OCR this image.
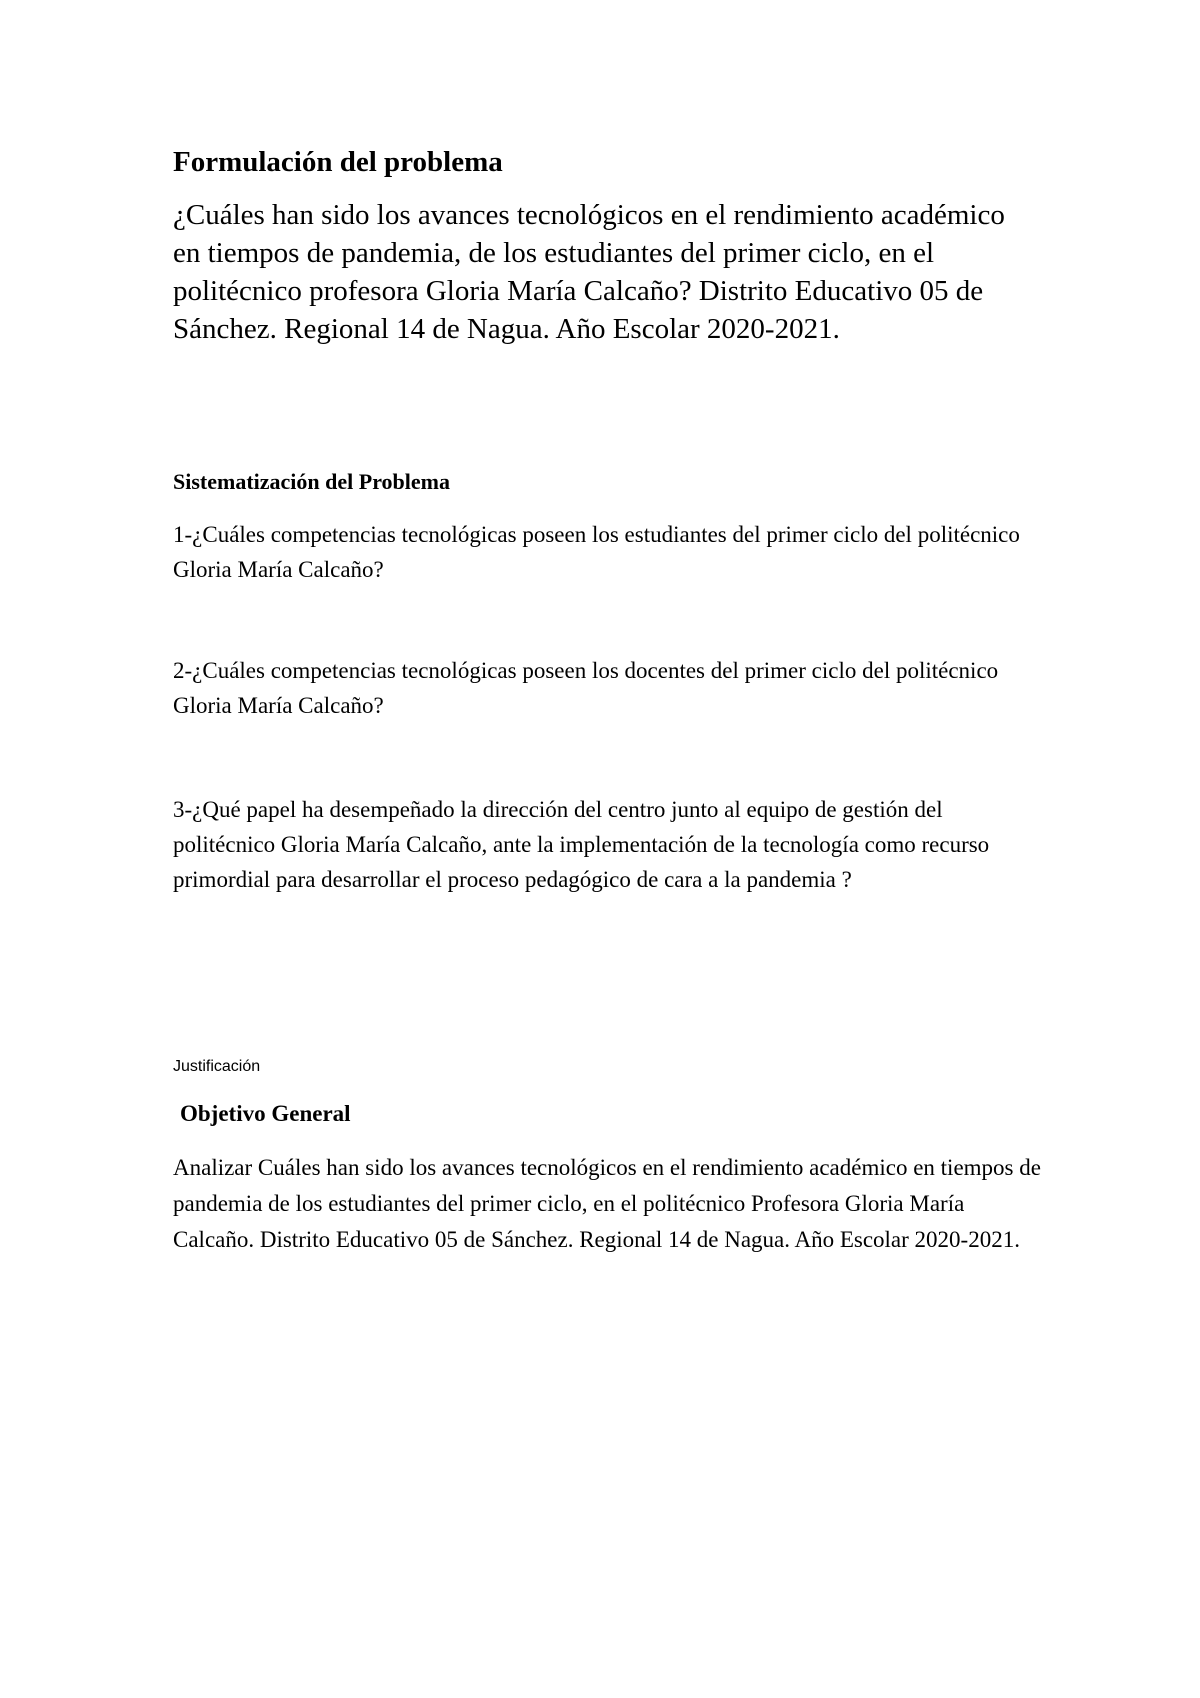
Formulación del problema

¿Cuáles han sido los avances tecnológicos en el rendimiento académico en tiempos de pandemia, de los estudiantes del primer ciclo, en el politécnico profesora Gloria María Calcaño? Distrito Educativo 05 de Sánchez. Regional 14 de Nagua. Año Escolar 2020-2021.

Sistematización del Problema

1-¿Cuáles competencias tecnológicas poseen los estudiantes del primer ciclo del politécnico Gloria María Calcaño?

2-¿Cuáles competencias tecnológicas poseen los docentes del primer ciclo del politécnico Gloria María Calcaño?

3-¿Qué papel ha desempeñado la dirección del centro junto al equipo de gestión del politécnico Gloria María Calcaño, ante la implementación de la tecnología como recurso primordial para desarrollar el proceso pedagógico de cara a la pandemia ?

Justificación
Objetivo General

Analizar Cuáles han sido los avances tecnológicos en el rendimiento académico en tiempos de pandemia de los estudiantes del primer ciclo, en el politécnico Profesora Gloria María Calcaño. Distrito Educativo 05 de Sánchez. Regional 14 de Nagua. Año Escolar 2020-2021.
